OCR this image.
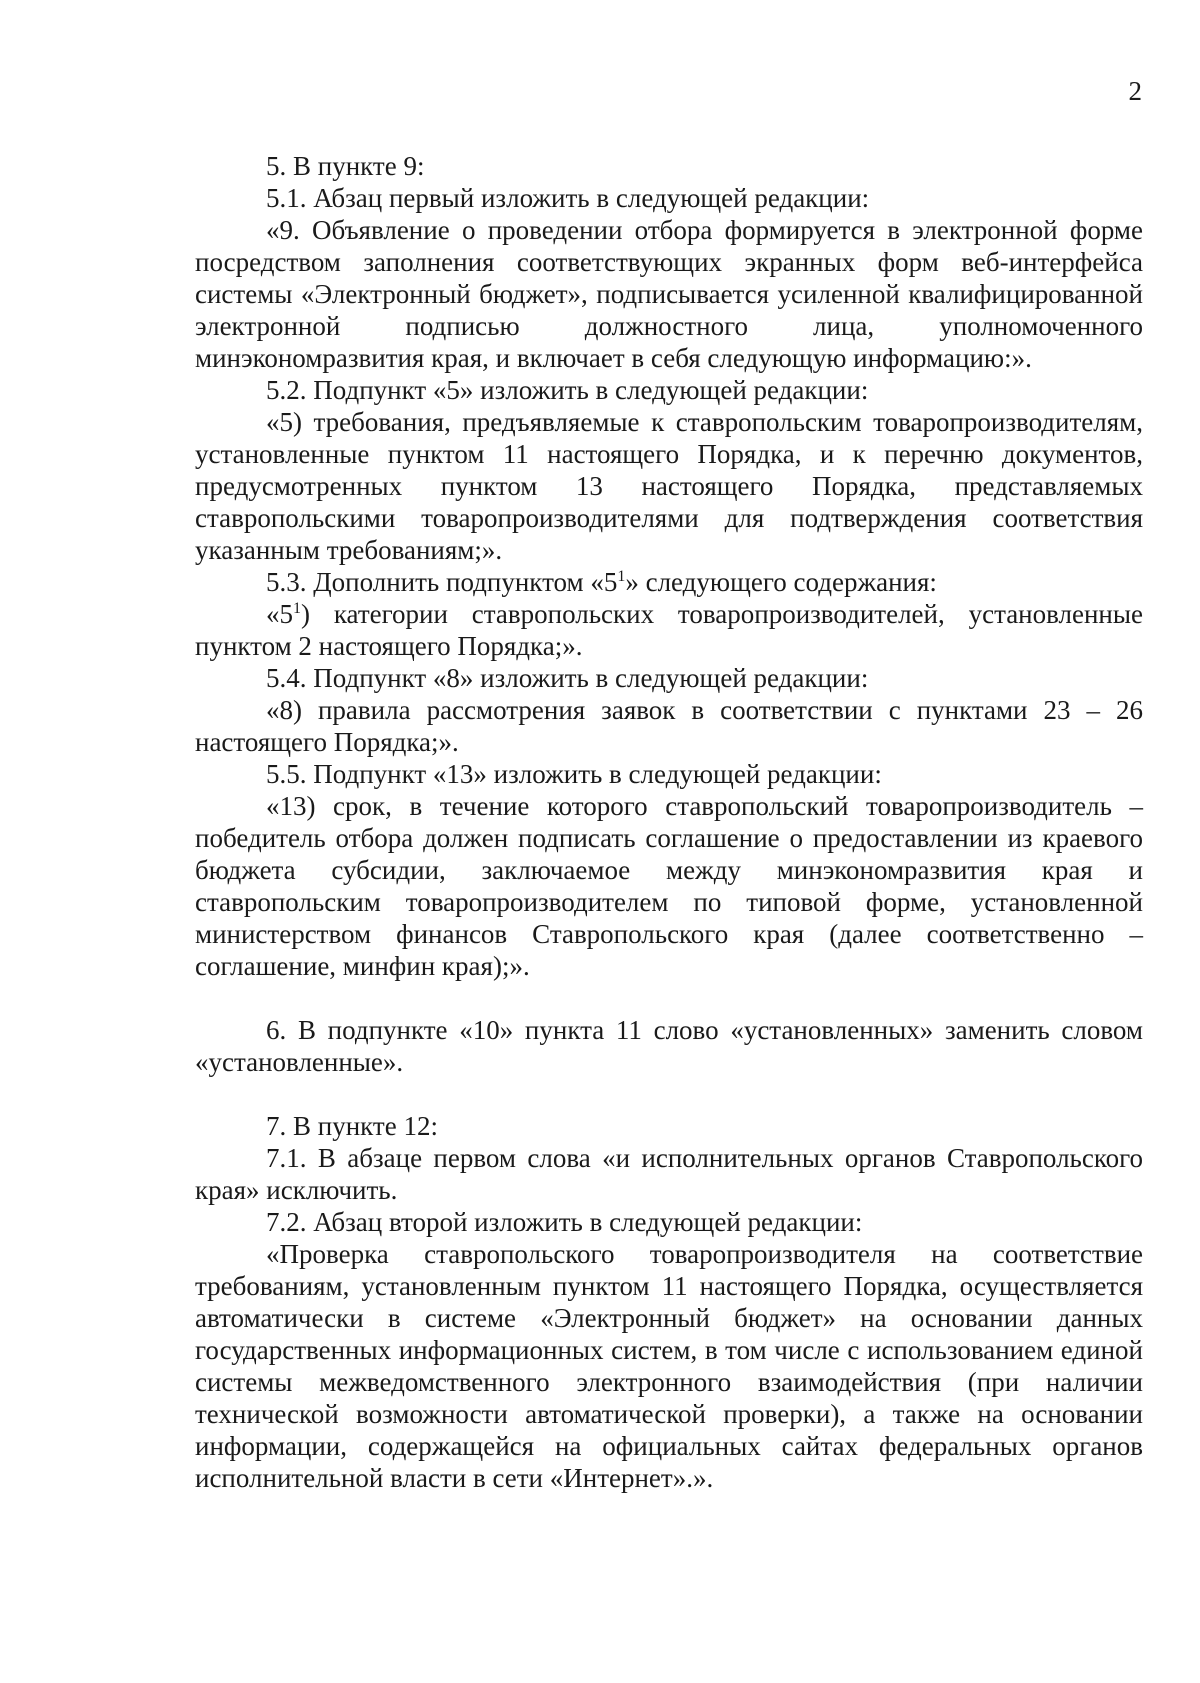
2

5. В пункте 9:

5.1. Абзац первый изложить в следующей редакции:

«9. Объявление о проведении отбора формируется в электронной форме посредством заполнения соответствующих экранных форм веб-интерфейса системы «Электронный бюджет», подписывается усиленной квалифицированной электронной подписью должностного лица, уполномоченного минэкономразвития края, и включает в себя следующую информацию:».

5.2. Подпункт «5» изложить в следующей редакции:

«5) требования, предъявляемые к ставропольским товаропроизводителям, установленные пунктом 11 настоящего Порядка, и к перечню документов, предусмотренных пунктом 13 настоящего Порядка, представляемых ставропольскими товаропроизводителями для подтверждения соответствия указанным требованиям;».

5.3. Дополнить подпунктом «$5^1$» следующего содержания:

«$5^1$) категории ставропольских товаропроизводителей, установленные пунктом 2 настоящего Порядка;».

5.4. Подпункт «8» изложить в следующей редакции:

«8) правила рассмотрения заявок в соответствии с пунктами 23 – 26 настоящего Порядка;».

5.5. Подпункт «13» изложить в следующей редакции:

«13) срок, в течение которого ставропольский товаропроизводитель – победитель отбора должен подписать соглашение о предоставлении из краевого бюджета субсидии, заключаемое между минэкономразвития края и ставропольским товаропроизводителем по типовой форме, установленной министерством финансов Ставропольского края (далее соответственно – соглашение, минфин края);».

6. В подпункте «10» пункта 11 слово «установленных» заменить словом «установленные».

7. В пункте 12:

7.1. В абзаце первом слова «и исполнительных органов Ставропольского края» исключить.

7.2. Абзац второй изложить в следующей редакции:

«Проверка ставропольского товаропроизводителя на соответствие требованиям, установленным пунктом 11 настоящего Порядка, осуществляется автоматически в системе «Электронный бюджет» на основании данных государственных информационных систем, в том числе с использованием единой системы межведомственного электронного взаимодействия (при наличии технической возможности автоматической проверки), а также на основании информации, содержащейся на официальных сайтах федеральных органов исполнительной власти в сети «Интернет».».
